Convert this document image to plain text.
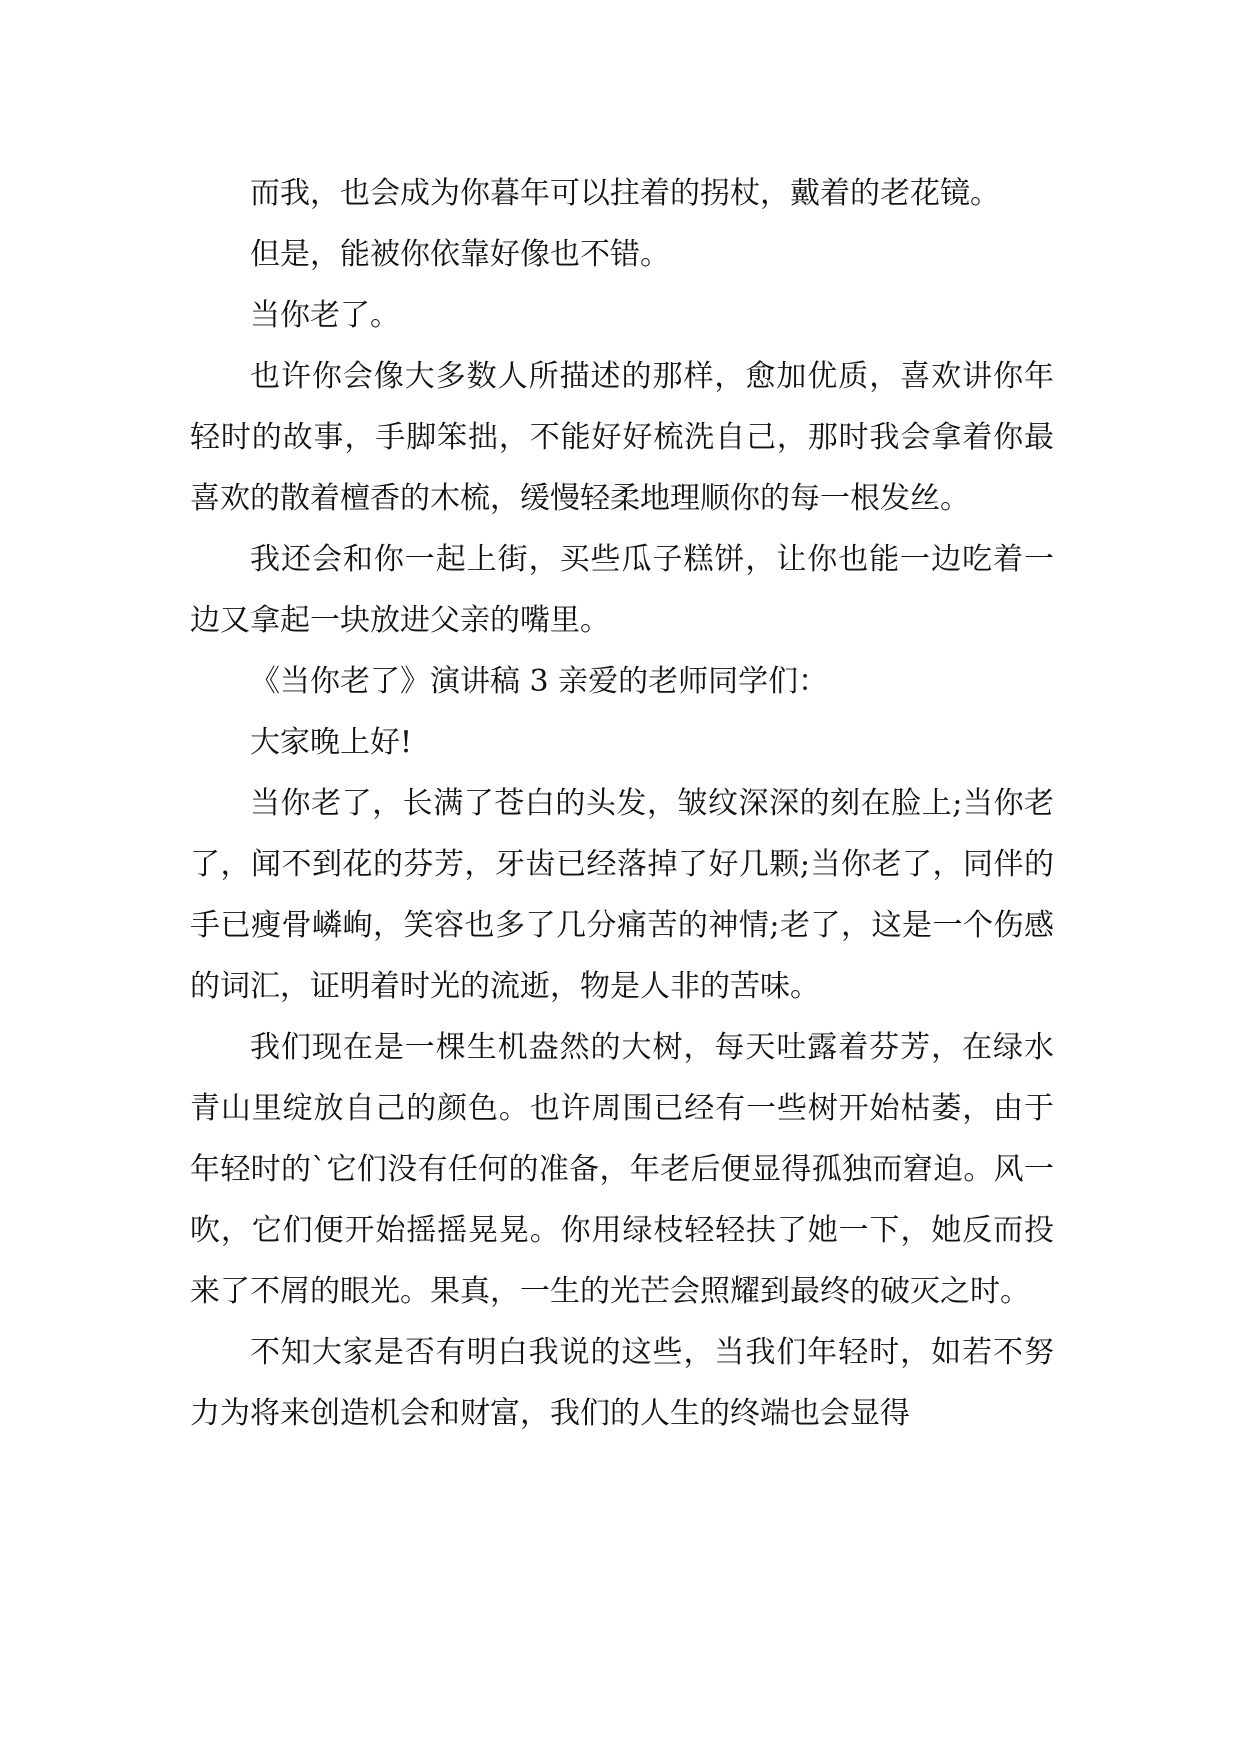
而我，也会成为你暮年可以拄着的拐杖，戴着的老花镜。

但是，能被你依靠好像也不错。

当你老了。

也许你会像大多数人所描述的那样，愈加优质，喜欢讲你年轻时的故事，手脚笨拙，不能好好梳洗自己，那时我会拿着你最喜欢的散着檀香的木梳，缓慢轻柔地理顺你的每一根发丝。

我还会和你一起上街，买些瓜子糕饼，让你也能一边吃着一边又拿起一块放进父亲的嘴里。

《当你老了》演讲稿 3 亲爱的老师同学们：

大家晚上好!

当你老了，长满了苍白的头发，皱纹深深的刻在脸上;当你老了，闻不到花的芬芳，牙齿已经落掉了好几颗;当你老了，同伴的手已瘦骨嶙峋，笑容也多了几分痛苦的神情;老了，这是一个伤感的词汇，证明着时光的流逝，物是人非的苦味。

我们现在是一棵生机盎然的大树，每天吐露着芬芳，在绿水青山里绽放自己的颜色。也许周围已经有一些树开始枯萎，由于年轻时的`它们没有任何的准备，年老后便显得孤独而窘迫。风一吹，它们便开始摇摇晃晃。你用绿枝轻轻扶了她一下，她反而投来了不屑的眼光。果真，一生的光芒会照耀到最终的破灭之时。

不知大家是否有明白我说的这些，当我们年轻时，如若不努力为将来创造机会和财富，我们的人生的终端也会显得
